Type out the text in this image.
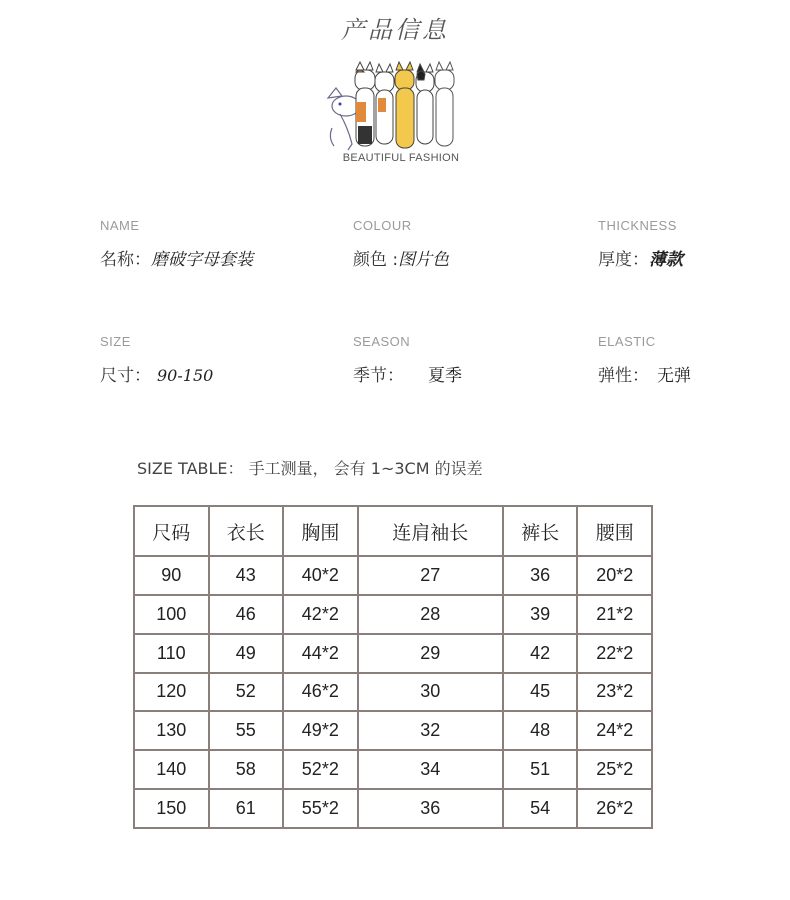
产品信息
BEAUTIFUL FASHION
NAME
名称：磨破字母套装
COLOUR
颜色 :图片色
THICKNESS
厚度：薄款
SIZE
尺寸： 90-150
SEASON
季节： 夏季
ELASTIC
弹性： 无弹
SIZE TABLE： 手工测量， 会有 1~3CM 的误差
尺码	衣长	胸围	连肩袖长	裤长	腰围
90	43	40*2	27	36	20*2
100	46	42*2	28	39	21*2
110	49	44*2	29	42	22*2
120	52	46*2	30	45	23*2
130	55	49*2	32	48	24*2
140	58	52*2	34	51	25*2
150	61	55*2	36	54	26*2
